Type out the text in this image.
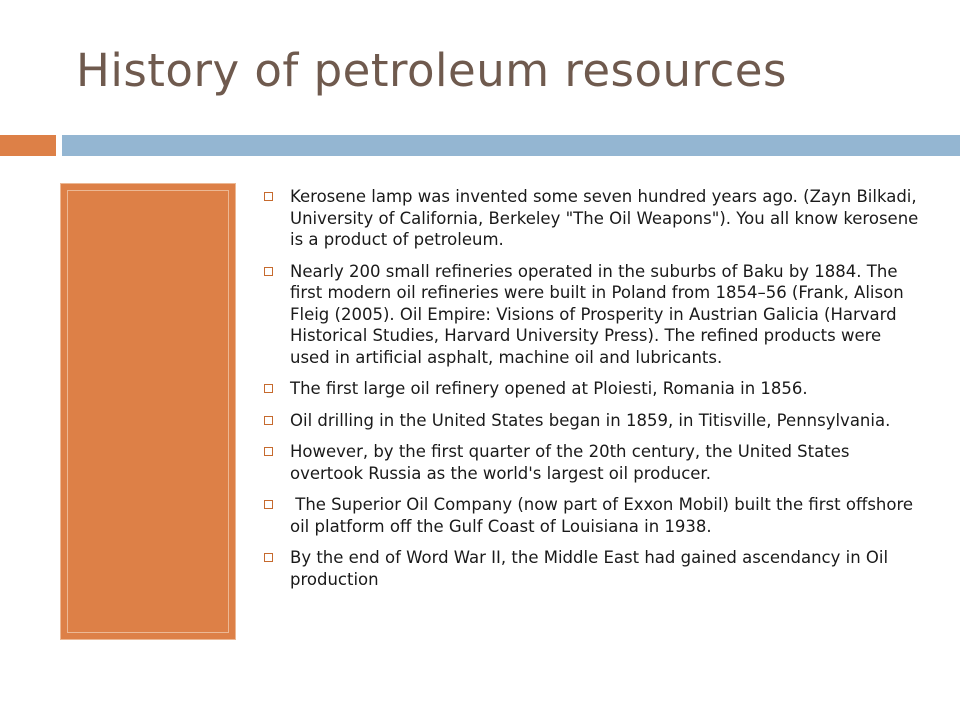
History of petroleum resources
Kerosene lamp was invented some seven hundred years ago. (Zayn Bilkadi, University of California, Berkeley "The Oil Weapons"). You all know kerosene is a product of petroleum.
Nearly 200 small refineries operated in the suburbs of Baku by 1884. The first modern oil refineries were built in Poland from 1854–56 (Frank, Alison Fleig (2005). Oil Empire: Visions of Prosperity in Austrian Galicia (Harvard Historical Studies, Harvard University Press). The refined products were used in artificial asphalt, machine oil and lubricants.
The first large oil refinery opened at Ploiesti, Romania in 1856.
Oil drilling in the United States began in 1859, in Titisville, Pennsylvania.
However, by the first quarter of the 20th century, the United States overtook Russia as the world's largest oil producer.
The Superior Oil Company (now part of Exxon Mobil) built the first offshore oil platform off the Gulf Coast of Louisiana in 1938.
By the end of Word War II, the Middle East had gained ascendancy in Oil production
